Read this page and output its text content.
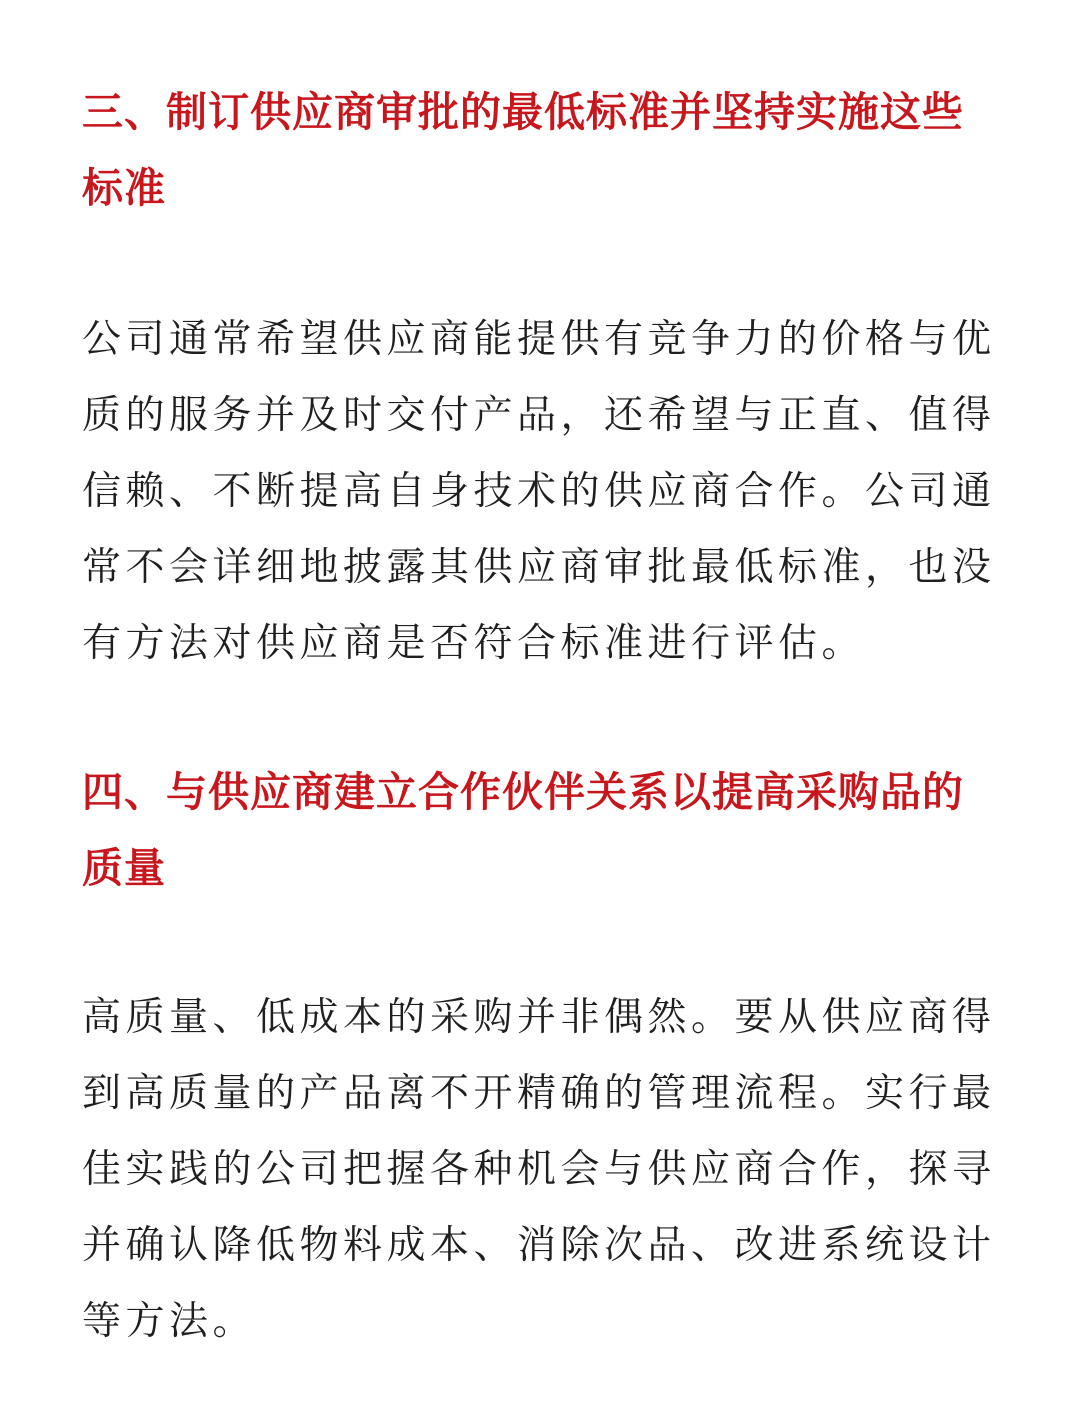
三、制订供应商审批的最低标准并坚持实施这些
标准

公司通常希望供应商能提供有竞争力的价格与优
质的服务并及时交付产品，还希望与正直、值得
信赖、不断提高自身技术的供应商合作。公司通
常不会详细地披露其供应商审批最低标准，也没
有方法对供应商是否符合标准进行评估。

四、与供应商建立合作伙伴关系以提高采购品的
质量

高质量、低成本的采购并非偶然。要从供应商得
到高质量的产品离不开精确的管理流程。实行最
佳实践的公司把握各种机会与供应商合作，探寻
并确认降低物料成本、消除次品、改进系统设计
等方法。
